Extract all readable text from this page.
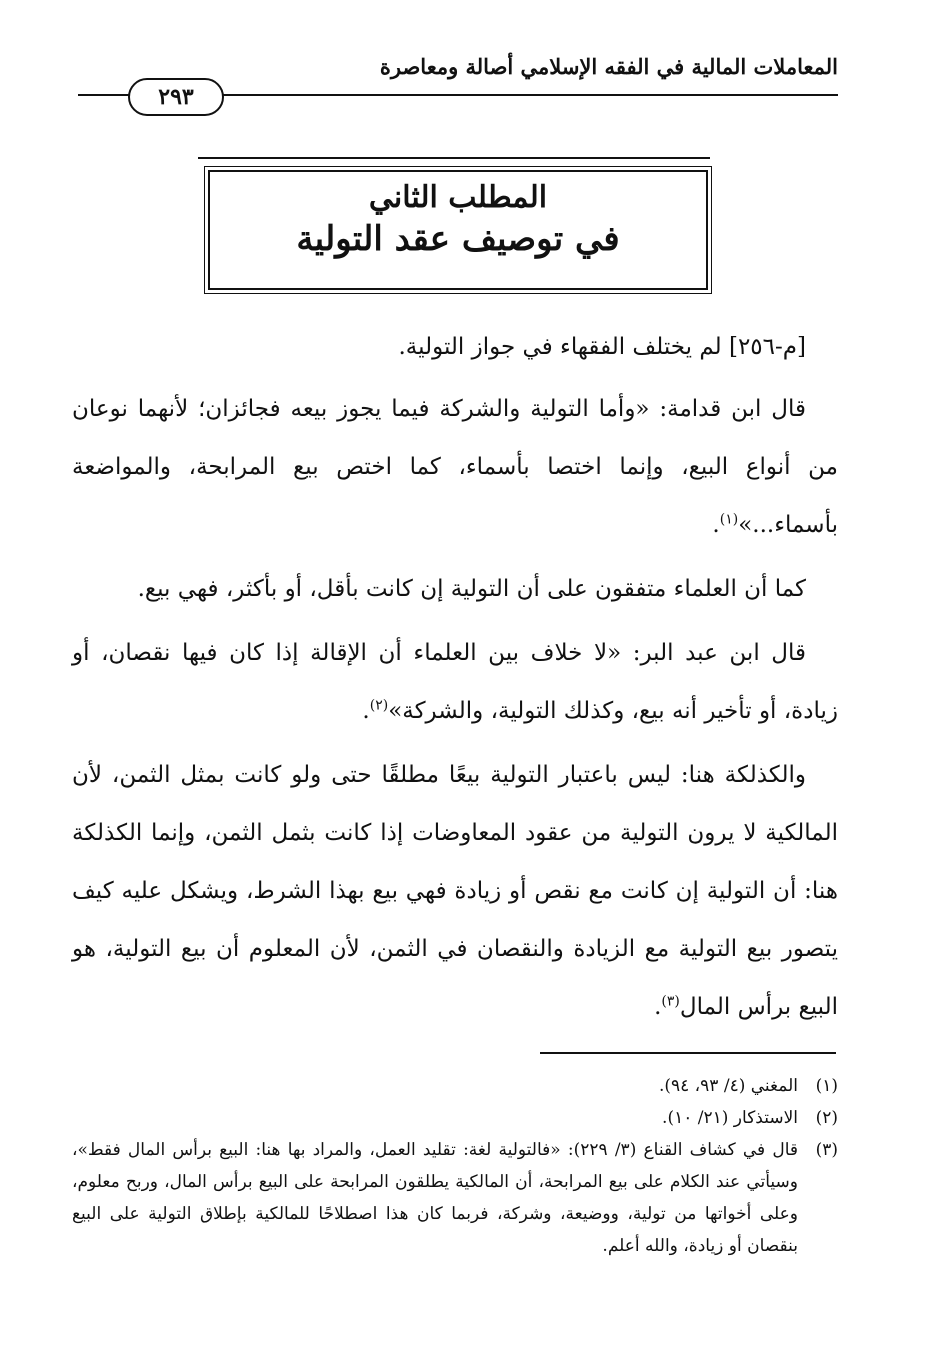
المعاملات المالية في الفقه الإسلامي أصالة ومعاصرة
٢٩٣
المطلب الثاني
في توصيف عقد التولية

[م-٢٥٦] لم يختلف الفقهاء في جواز التولية.

قال ابن قدامة: «وأما التولية والشركة فيما يجوز بيعه فجائزان؛ لأنهما نوعان من أنواع البيع، وإنما اختصا بأسماء، كما اختص بيع المرابحة، والمواضعة بأسماء...»$^{(١)}$.

كما أن العلماء متفقون على أن التولية إن كانت بأقل، أو بأكثر، فهي بيع.

قال ابن عبد البر: «لا خلاف بين العلماء أن الإقالة إذا كان فيها نقصان، أو زيادة، أو تأخير أنه بيع، وكذلك التولية، والشركة»$^{(٢)}$.

والكذلكة هنا: ليس باعتبار التولية بيعًا مطلقًا حتى ولو كانت بمثل الثمن، لأن المالكية لا يرون التولية من عقود المعاوضات إذا كانت بثمل الثمن، وإنما الكذلكة هنا: أن التولية إن كانت مع نقص أو زيادة فهي بيع بهذا الشرط، ويشكل عليه كيف يتصور بيع التولية مع الزيادة والنقصان في الثمن، لأن المعلوم أن بيع التولية، هو البيع برأس المال$^{(٣)}$.

(١)
المغني (٤/ ٩٣، ٩٤).
(٢)
الاستذكار (٢١/ ١٠).
(٣)
قال في كشاف القناع (٣/ ٢٢٩): «فالتولية لغة: تقليد العمل، والمراد بها هنا: البيع برأس المال فقط»، وسيأتي عند الكلام على بيع المرابحة، أن المالكية يطلقون المرابحة على البيع برأس المال، وربح معلوم، وعلى أخواتها من تولية، ووضيعة، وشركة، فربما كان هذا اصطلاحًا للمالكية بإطلاق التولية على البيع بنقصان أو زيادة، والله أعلم.
